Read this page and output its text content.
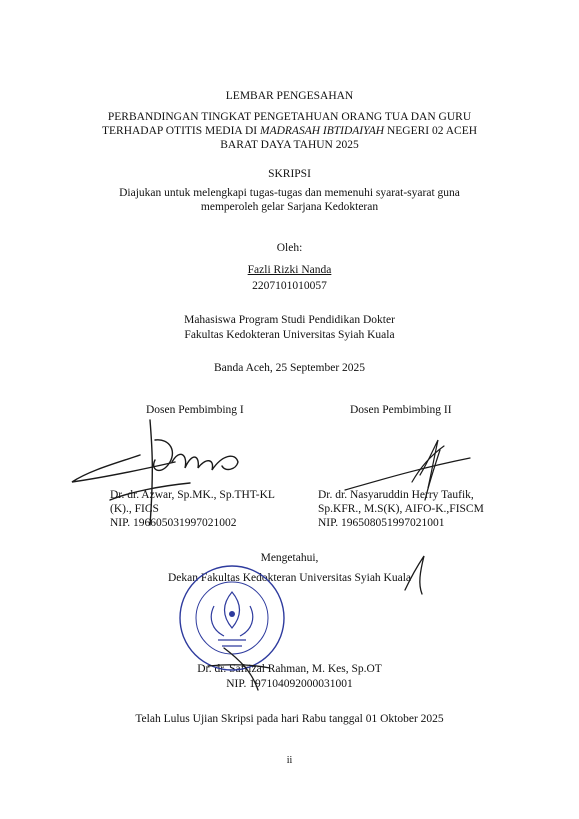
LEMBAR PENGESAHAN
PERBANDINGAN TINGKAT PENGETAHUAN ORANG TUA DAN GURU
TERHADAP OTITIS MEDIA DI MADRASAH IBTIDAIYAH NEGERI 02 ACEH
BARAT DAYA TAHUN 2025
SKRIPSI
Diajukan untuk melengkapi tugas-tugas dan memenuhi syarat-syarat guna
memperoleh gelar Sarjana Kedokteran
Oleh:
Fazli Rizki Nanda
2207101010057
Mahasiswa Program Studi Pendidikan Dokter
Fakultas Kedokteran Universitas Syiah Kuala
Banda Aceh, 25 September 2025
Dosen Pembimbing I	Dosen Pembimbing II
Dr. dr. Azwar, Sp.MK., Sp.THT-KL
(K)., FICS
NIP. 196605031997021002
Dr. dr. Nasyaruddin Herry Taufik,
Sp.KFR., M.S(K), AIFO-K.,FISCM
NIP. 196508051997021001
Mengetahui,
Dekan Fakultas Kedokteran Universitas Syiah Kuala
Dr. dr. Safrizal Rahman, M. Kes, Sp.OT
NIP. 197104092000031001
Telah Lulus Ujian Skripsi pada hari Rabu tanggal 01 Oktober 2025
ii
